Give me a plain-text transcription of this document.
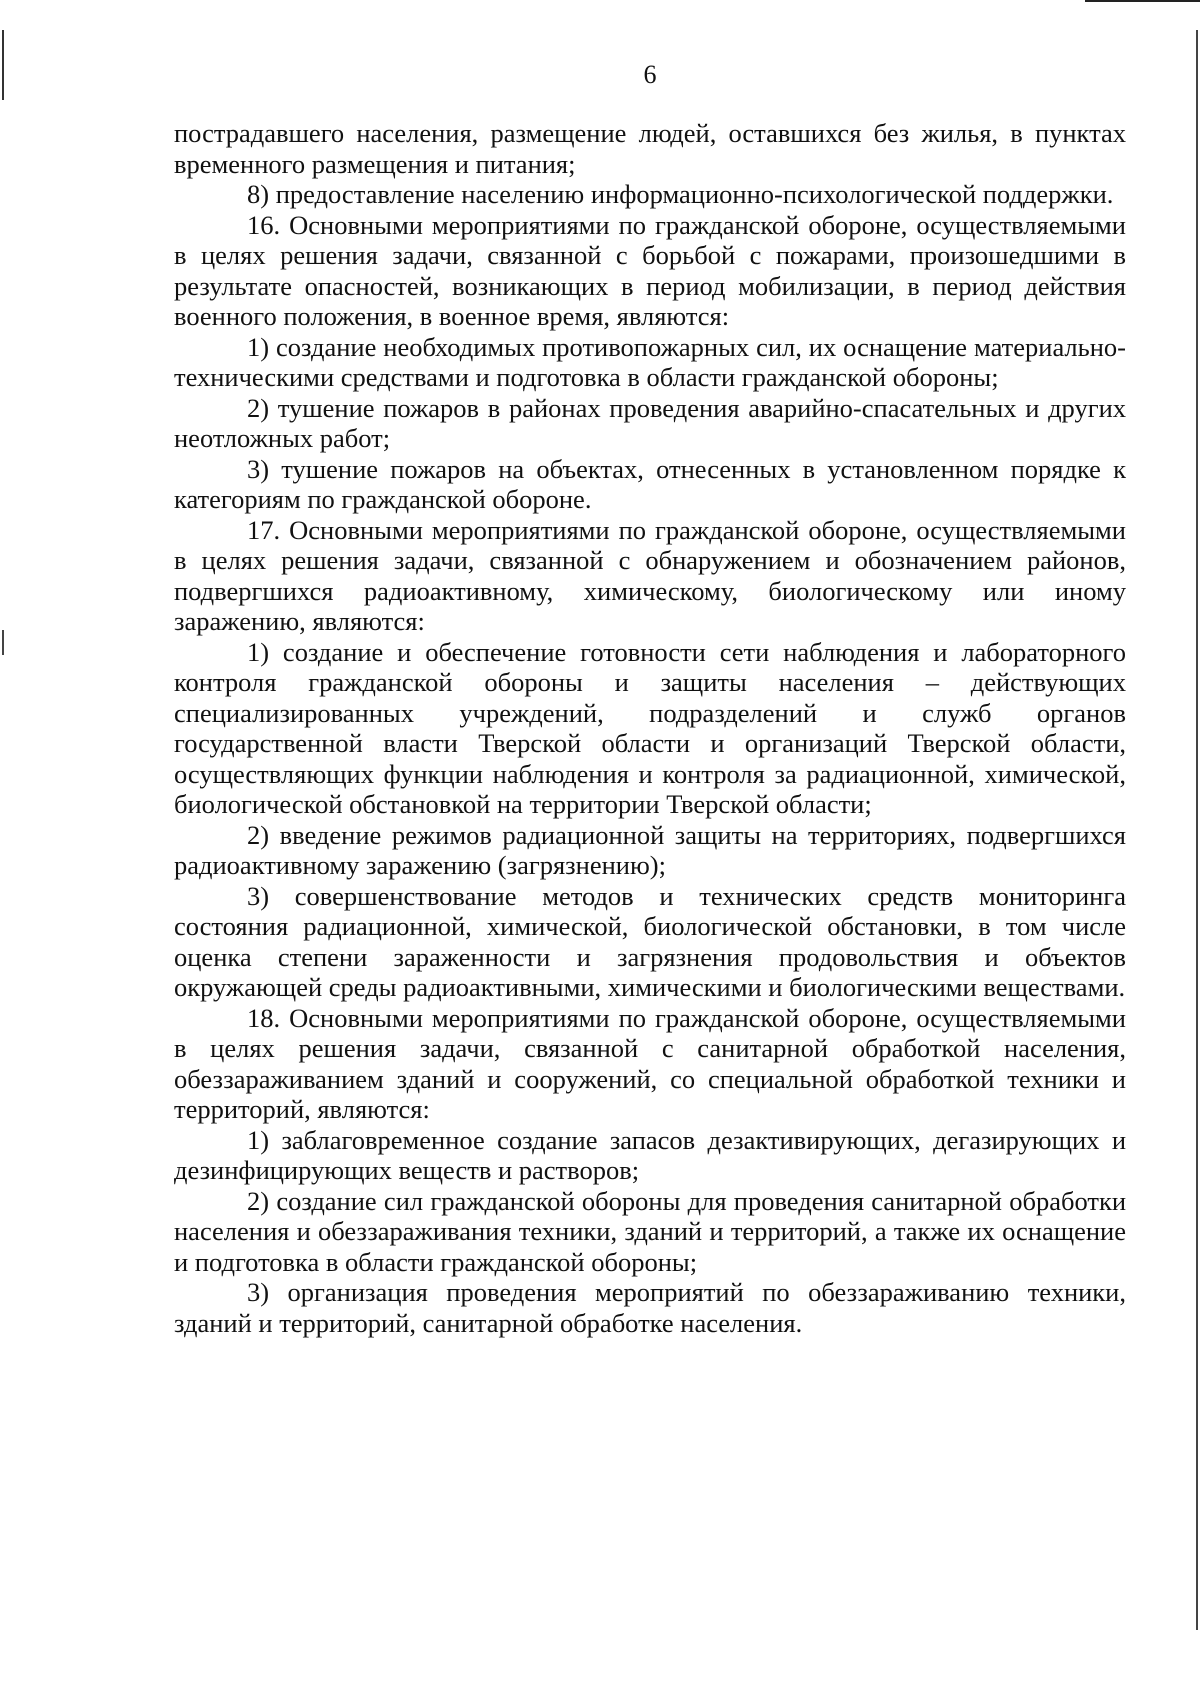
6

пострадавшего населения, размещение людей, оставшихся без жилья, в пунктах временного размещения и питания;

8) предоставление населению информационно-психологической поддержки.

16. Основными мероприятиями по гражданской обороне, осуществляемыми в целях решения задачи, связанной с борьбой с пожарами, произошедшими в результате опасностей, возникающих в период мобилизации, в период действия военного положения, в военное время, являются:

1) создание необходимых противопожарных сил, их оснащение материально-техническими средствами и подготовка в области гражданской обороны;

2) тушение пожаров в районах проведения аварийно-спасательных и других неотложных работ;

3) тушение пожаров на объектах, отнесенных в установленном порядке к категориям по гражданской обороне.

17. Основными мероприятиями по гражданской обороне, осуществляемыми в целях решения задачи, связанной с обнаружением и обозначением районов, подвергшихся радиоактивному, химическому, биологическому или иному заражению, являются:

1) создание и обеспечение готовности сети наблюдения и лабораторного контроля гражданской обороны и защиты населения – действующих специализированных учреждений, подразделений и служб органов государственной власти Тверской области и организаций Тверской области, осуществляющих функции наблюдения и контроля за радиационной, химической, биологической обстановкой на территории Тверской области;

2) введение режимов радиационной защиты на территориях, подвергшихся радиоактивному заражению (загрязнению);

3) совершенствование методов и технических средств мониторинга состояния радиационной, химической, биологической обстановки, в том числе оценка степени зараженности и загрязнения продовольствия и объектов окружающей среды радиоактивными, химическими и биологическими веществами.

18. Основными мероприятиями по гражданской обороне, осуществляемыми в целях решения задачи, связанной с санитарной обработкой населения, обеззараживанием зданий и сооружений, со специальной обработкой техники и территорий, являются:

1) заблаговременное создание запасов дезактивирующих, дегазирующих и дезинфицирующих веществ и растворов;

2) создание сил гражданской обороны для проведения санитарной обработки населения и обеззараживания техники, зданий и территорий, а также их оснащение и подготовка в области гражданской обороны;

3) организация проведения мероприятий по обеззараживанию техники, зданий и территорий, санитарной обработке населения.
